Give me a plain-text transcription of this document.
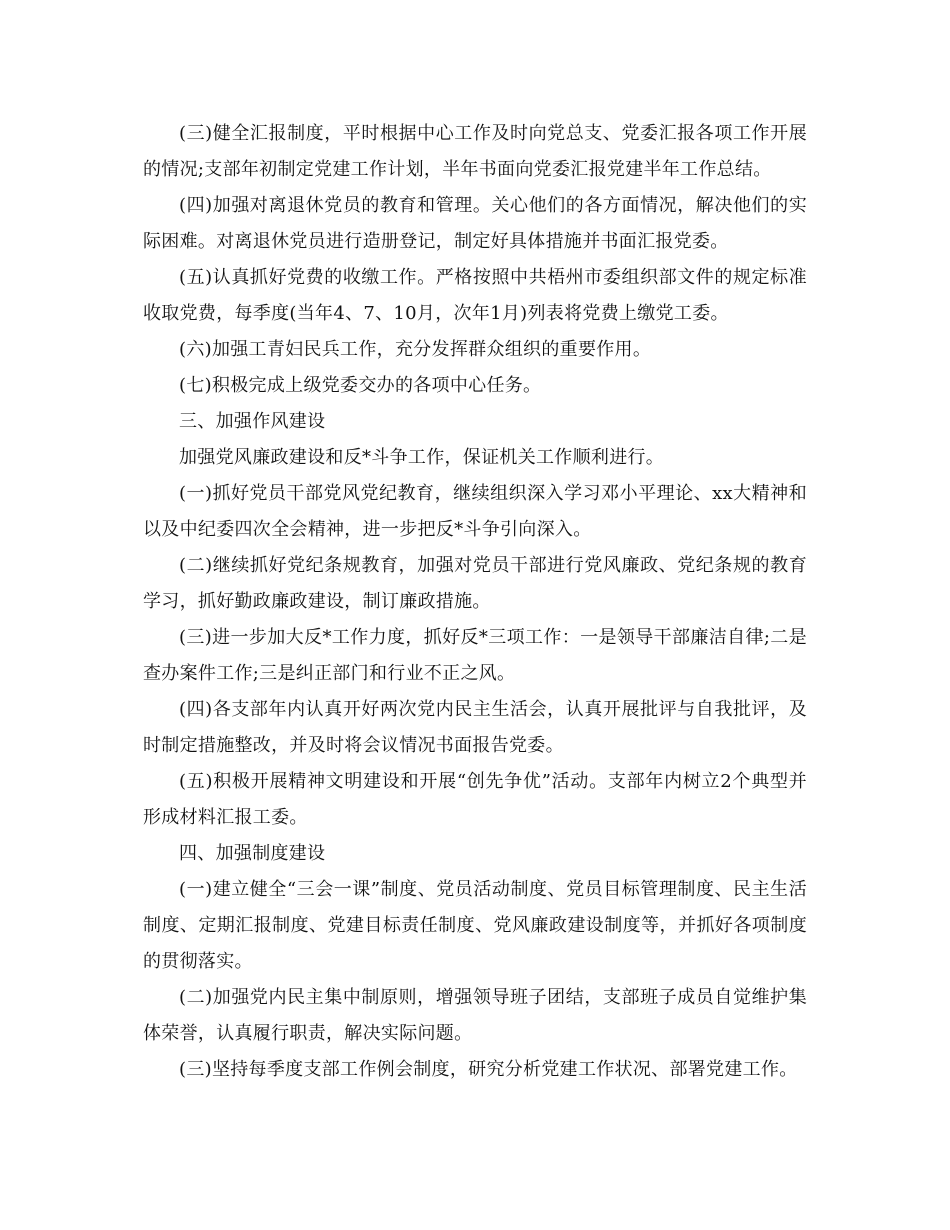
(三)健全汇报制度，平时根据中心工作及时向党总支、党委汇报各项工作开展的情况;支部年初制定党建工作计划，半年书面向党委汇报党建半年工作总结。

(四)加强对离退休党员的教育和管理。关心他们的各方面情况，解决他们的实际困难。对离退休党员进行造册登记，制定好具体措施并书面汇报党委。

(五)认真抓好党费的收缴工作。严格按照中共梧州市委组织部文件的规定标准收取党费，每季度(当年4、7、10月，次年1月)列表将党费上缴党工委。

(六)加强工青妇民兵工作，充分发挥群众组织的重要作用。

(七)积极完成上级党委交办的各项中心任务。

三、加强作风建设

加强党风廉政建设和反*斗争工作，保证机关工作顺利进行。

(一)抓好党员干部党风党纪教育，继续组织深入学习邓小平理论、xx大精神和以及中纪委四次全会精神，进一步把反*斗争引向深入。

(二)继续抓好党纪条规教育，加强对党员干部进行党风廉政、党纪条规的教育学习，抓好勤政廉政建设，制订廉政措施。

(三)进一步加大反*工作力度，抓好反*三项工作：一是领导干部廉洁自律;二是查办案件工作;三是纠正部门和行业不正之风。

(四)各支部年内认真开好两次党内民主生活会，认真开展批评与自我批评，及时制定措施整改，并及时将会议情况书面报告党委。

(五)积极开展精神文明建设和开展“创先争优”活动。支部年内树立2个典型并形成材料汇报工委。

四、加强制度建设

(一)建立健全“三会一课”制度、党员活动制度、党员目标管理制度、民主生活制度、定期汇报制度、党建目标责任制度、党风廉政建设制度等，并抓好各项制度的贯彻落实。

(二)加强党内民主集中制原则，增强领导班子团结，支部班子成员自觉维护集体荣誉，认真履行职责，解决实际问题。

(三)坚持每季度支部工作例会制度，研究分析党建工作状况、部署党建工作。
